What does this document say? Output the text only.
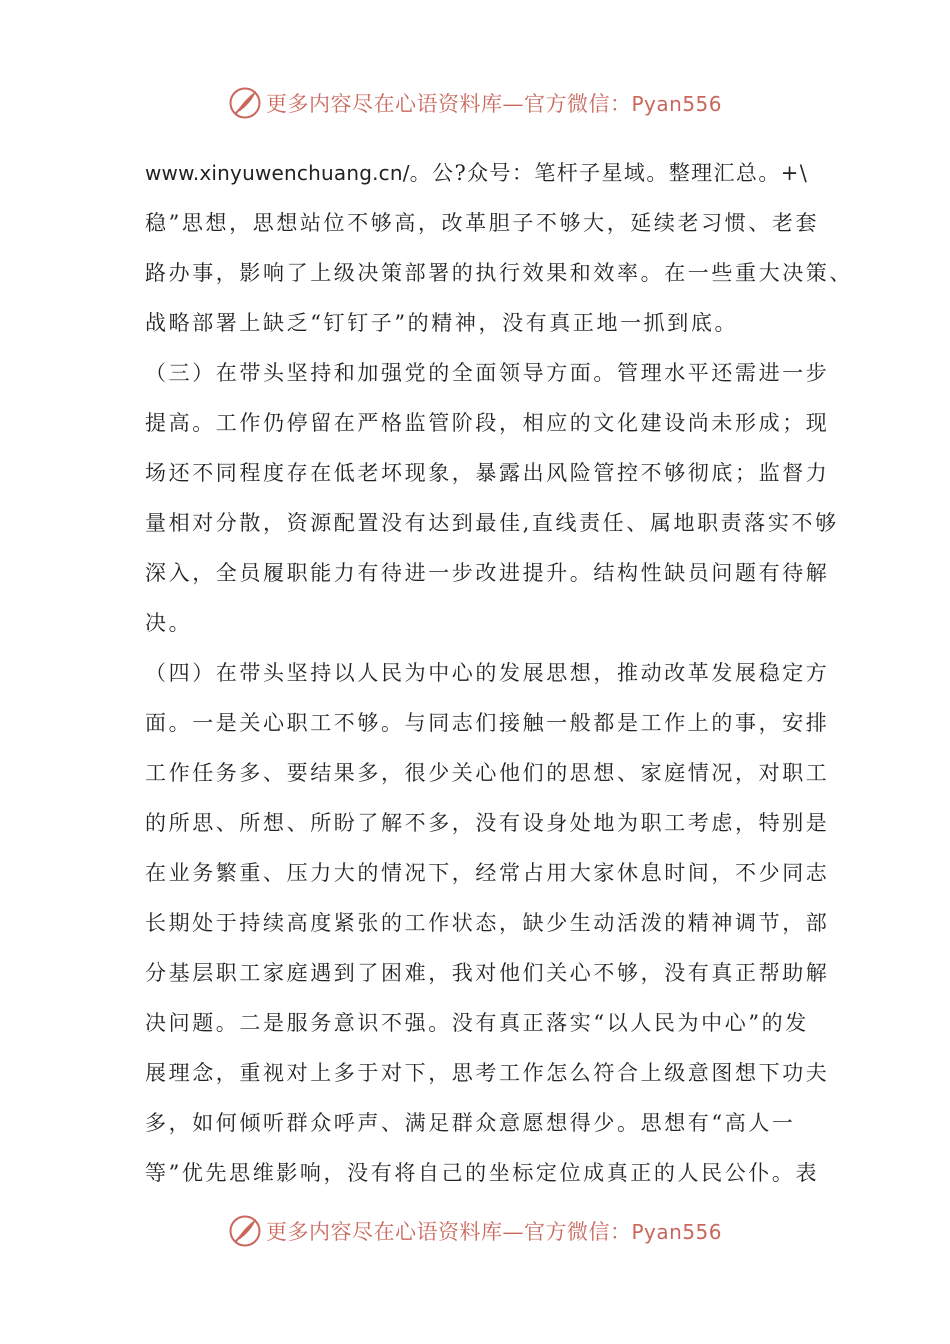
更多内容尽在心语资料库—官方微信：Pyan556
www.xinyuwenchuang.cn/。公?众号：笔杆子星域。整理汇总。+\
稳”思想，思想站位不够高，改革胆子不够大，延续老习惯、老套
路办事，影响了上级决策部署的执行效果和效率。在一些重大决策、
战略部署上缺乏“钉钉子”的精神，没有真正地一抓到底。
（三）在带头坚持和加强党的全面领导方面。管理水平还需进一步
提高。工作仍停留在严格监管阶段，相应的文化建设尚未形成；现
场还不同程度存在低老坏现象，暴露出风险管控不够彻底；监督力
量相对分散，资源配置没有达到最佳,直线责任、属地职责落实不够
深入，全员履职能力有待进一步改进提升。结构性缺员问题有待解
决。
（四）在带头坚持以人民为中心的发展思想，推动改革发展稳定方
面。一是关心职工不够。与同志们接触一般都是工作上的事，安排
工作任务多、要结果多，很少关心他们的思想、家庭情况，对职工
的所思、所想、所盼了解不多，没有设身处地为职工考虑，特别是
在业务繁重、压力大的情况下，经常占用大家休息时间，不少同志
长期处于持续高度紧张的工作状态，缺少生动活泼的精神调节，部
分基层职工家庭遇到了困难，我对他们关心不够，没有真正帮助解
决问题。二是服务意识不强。没有真正落实“以人民为中心”的发
展理念，重视对上多于对下，思考工作怎么符合上级意图想下功夫
多，如何倾听群众呼声、满足群众意愿想得少。思想有“高人一
等”优先思维影响，没有将自己的坐标定位成真正的人民公仆。表
更多内容尽在心语资料库—官方微信：Pyan556
